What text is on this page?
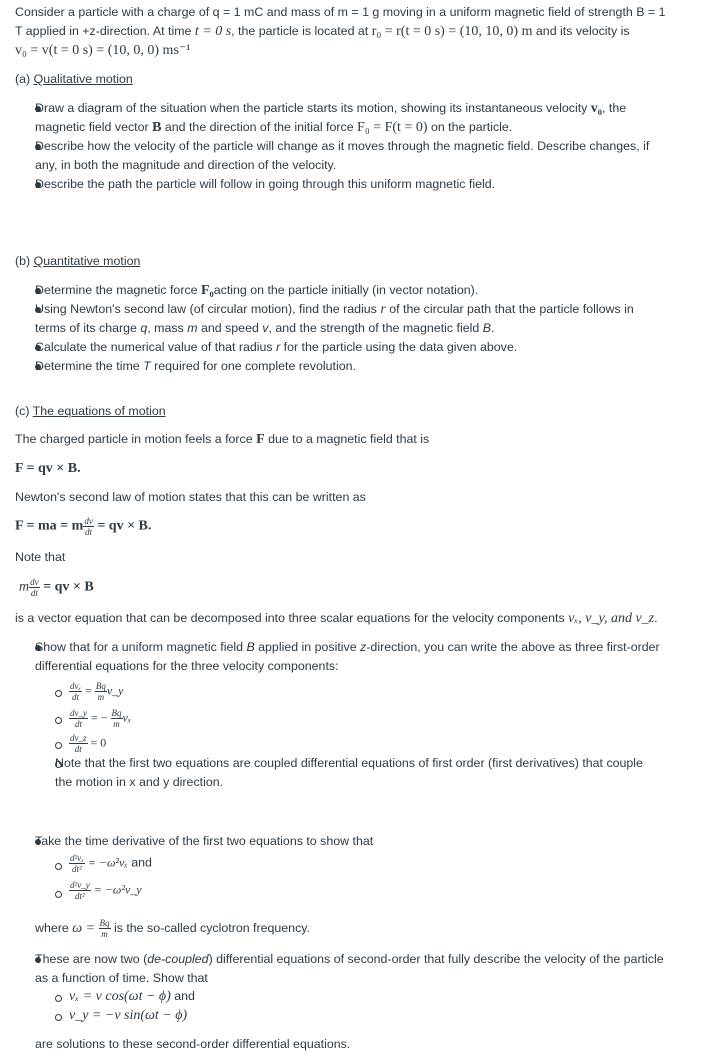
Consider a particle with a charge of q = 1 mC and mass of m = 1 g moving in a uniform magnetic field of strength B = 1
T applied in +z-direction. At time t = 0 s, the particle is located at r₀ = r(t = 0 s) = (10, 10, 0) m and its velocity is
v₀ = v(t = 0 s) = (10, 0, 0) ms⁻¹
(a) Qualitative motion
Draw a diagram of the situation when the particle starts its motion, showing its instantaneous velocity v₀, the
magnetic field vector B and the direction of the initial force F₀ = F(t = 0) on the particle.
Describe how the velocity of the particle will change as it moves through the magnetic field. Describe changes, if
any, in both the magnitude and direction of the velocity.
Describe the path the particle will follow in going through this uniform magnetic field.
(b) Quantitative motion
Determine the magnetic force F₀acting on the particle initially (in vector notation).
Using Newton's second law (of circular motion), find the radius r of the circular path that the particle follows in
terms of its charge q, mass m and speed v, and the strength of the magnetic field B.
Calculate the numerical value of that radius r for the particle using the data given above.
Determine the time T required for one complete revolution.
(c) The equations of motion
The charged particle in motion feels a force F due to a magnetic field that is
F = qv × B.
Newton's second law of motion states that this can be written as
F = ma = m $\frac{dv}{dt}$ = qv × B.
Note that
m $\frac{dv}{dt}$ = qv × B
is a vector equation that can be decomposed into three scalar equations for the velocity components vₓ, v_y, and v_z.
Show that for a uniform magnetic field B applied in positive z-direction, you can write the above as three first-order
differential equations for the three velocity components:
$\frac{\text{dvₓ}}{dt} = \frac{Bq}{m}$ v_y
$\frac{dv\_y}{dt}$ = − $\frac{Bq}{m}$ vₓ
$\frac{dv\_z}{dt} = 0$
Note that the first two equations are coupled differential equations of first order (first derivatives) that couple
the motion in x and y direction.
Take the time derivative of the first two equations to show that
$\frac{\text{d²vₓ}}{\text{dt²}} = -\omega^2v_x$ and
$\frac{\text{d²v\_y}}{\text{dt²}}$ = −ω²v_y
where $\omega = \frac{Bq}{m}$ is the so-called cyclotron frequency.
These are now two (de-coupled) differential equations of second-order that fully describe the velocity of the particle
as a function of time. Show that
vₓ = v cos(ωt − ϕ) and
v_y = −v sin(ωt − ϕ)
are solutions to these second-order differential equations.
